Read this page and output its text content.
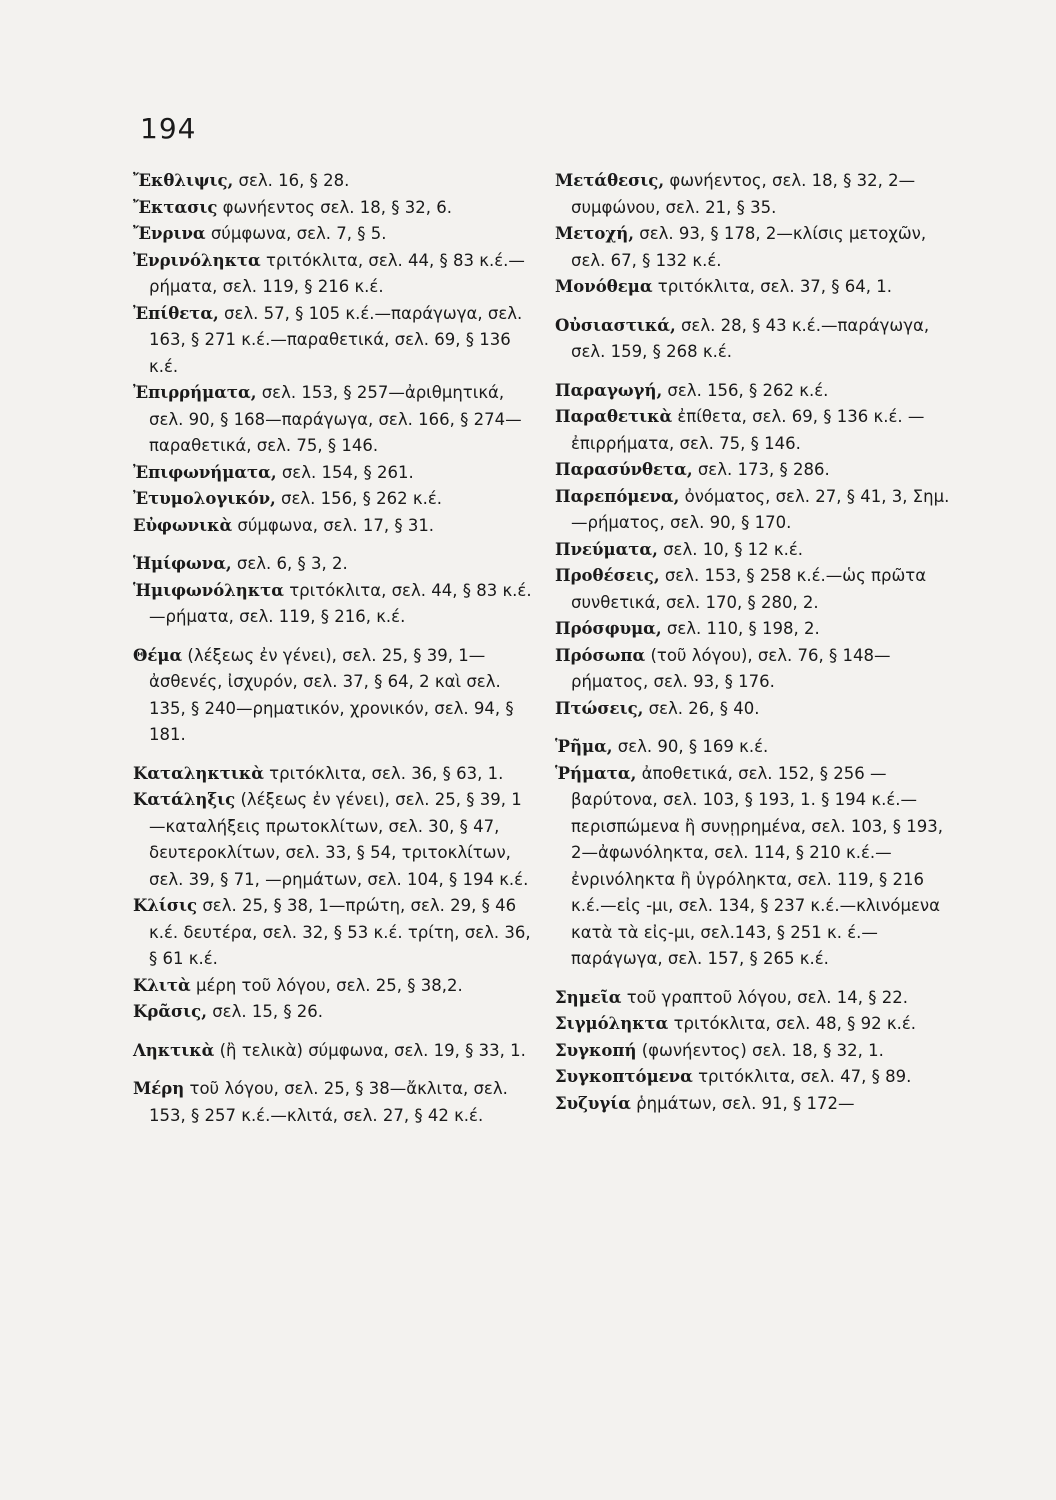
194
Ἔκθλιψις, σελ. 16, § 28.
Ἔκτασις φωνήεντος σελ. 18, § 32, 6.
Ἔνρινα σύμφωνα, σελ. 7, § 5.
Ἐνρινόληκτα τριτόκλιτα, σελ. 44, § 83 κ.έ.—ρήματα, σελ. 119, § 216 κ.έ.
Ἐπίθετα, σελ. 57, § 105 κ.έ.—παράγωγα, σελ. 163, § 271 κ.έ.—παραθετικά, σελ. 69, § 136 κ.έ.
Ἐπιρρήματα, σελ. 153, § 257—ἀριθμητικά, σελ. 90, § 168—παράγωγα, σελ. 166, § 274—παραθετικά, σελ. 75, § 146.
Ἐπιφωνήματα, σελ. 154, § 261.
Ἐτυμολογικόν, σελ. 156, § 262 κ.έ.
Εὐφωνικὰ σύμφωνα, σελ. 17, § 31.
Ἡμίφωνα, σελ. 6, § 3, 2.
Ἡμιφωνόληκτα τριτόκλιτα, σελ. 44, § 83 κ.έ.—ρήματα, σελ. 119, § 216, κ.έ.
Θέμα (λέξεως ἐν γένει), σελ. 25, § 39, 1—ἀσθενές, ἰσχυρόν, σελ. 37, § 64, 2 καὶ σελ. 135, § 240—ρηματικόν, χρονικόν, σελ. 94, § 181.
Καταληκτικὰ τριτόκλιτα, σελ. 36, § 63, 1.
Κατάληξις (λέξεως ἐν γένει), σελ. 25, § 39, 1—καταλήξεις πρωτοκλίτων, σελ. 30, § 47, δευτεροκλίτων, σελ. 33, § 54, τριτοκλίτων, σελ. 39, § 71, —ρημάτων, σελ. 104, § 194 κ.έ.
Κλίσις σελ. 25, § 38, 1—πρώτη, σελ. 29, § 46 κ.έ. δευτέρα, σελ. 32, § 53 κ.έ. τρίτη, σελ. 36, § 61 κ.έ.
Κλιτὰ μέρη τοῦ λόγου, σελ. 25, § 38,2.
Κρᾶσις, σελ. 15, § 26.
Ληκτικὰ (ἢ τελικὰ) σύμφωνα, σελ. 19, § 33, 1.
Μέρη τοῦ λόγου, σελ. 25, § 38—ἄκλιτα, σελ. 153, § 257 κ.έ.—κλιτά, σελ. 27, § 42 κ.έ.
Μετάθεσις, φωνήεντος, σελ. 18, § 32, 2—συμφώνου, σελ. 21, § 35.
Μετοχή, σελ. 93, § 178, 2—κλίσις μετοχῶν, σελ. 67, § 132 κ.έ.
Μονόθεμα τριτόκλιτα, σελ. 37, § 64, 1.
Οὐσιαστικά, σελ. 28, § 43 κ.έ.—παράγωγα, σελ. 159, § 268 κ.έ.
Παραγωγή, σελ. 156, § 262 κ.έ.
Παραθετικὰ ἐπίθετα, σελ. 69, § 136 κ.έ. —ἐπιρρήματα, σελ. 75, § 146.
Παρασύνθετα, σελ. 173, § 286.
Παρεπόμενα, ὀνόματος, σελ. 27, § 41, 3, Σημ.—ρήματος, σελ. 90, § 170.
Πνεύματα, σελ. 10, § 12 κ.έ.
Προθέσεις, σελ. 153, § 258 κ.έ.—ὡς πρῶτα συνθετικά, σελ. 170, § 280, 2.
Πρόσφυμα, σελ. 110, § 198, 2.
Πρόσωπα (τοῦ λόγου), σελ. 76, § 148—ρήματος, σελ. 93, § 176.
Πτώσεις, σελ. 26, § 40.
Ῥῆμα, σελ. 90, § 169 κ.έ.
Ῥήματα, ἀποθετικά, σελ. 152, § 256 —βαρύτονα, σελ. 103, § 193, 1. § 194 κ.έ.—περισπώμενα ἢ συνῃρημένα, σελ. 103, § 193, 2—ἀφωνόληκτα, σελ. 114, § 210 κ.έ.—ἐνρινόληκτα ἢ ὑγρόληκτα, σελ. 119, § 216 κ.έ.—εἰς -μι, σελ. 134, § 237 κ.έ.—κλινόμενα κατὰ τὰ εἰς-μι, σελ.143, § 251 κ. έ.—παράγωγα, σελ. 157, § 265 κ.έ.
Σημεῖα τοῦ γραπτοῦ λόγου, σελ. 14, § 22.
Σιγμόληκτα τριτόκλιτα, σελ. 48, § 92 κ.έ.
Συγκοπή (φωνήεντος) σελ. 18, § 32, 1.
Συγκοπτόμενα τριτόκλιτα, σελ. 47, § 89.
Συζυγία ῥημάτων, σελ. 91, § 172—
